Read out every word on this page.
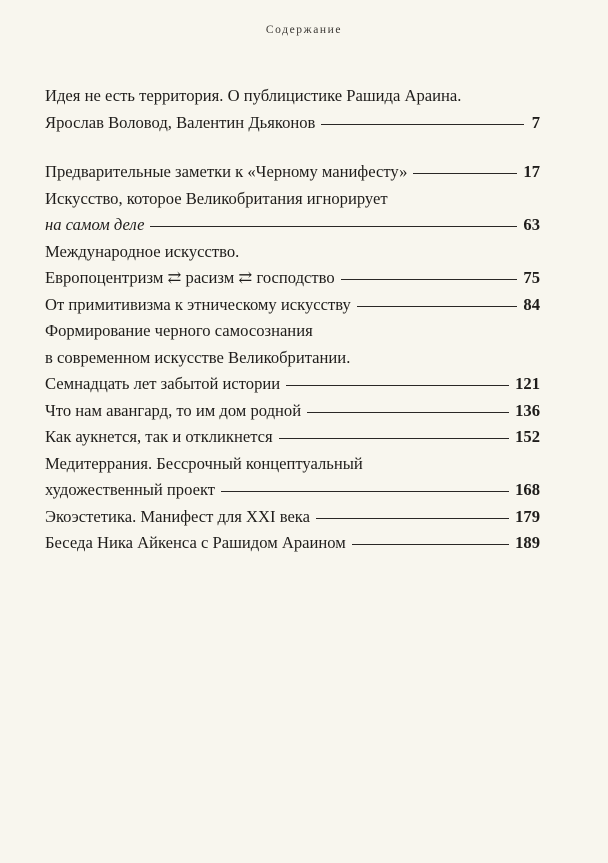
Содержание
Идея не есть территория. О публицистике Рашида Араина.
Ярослав Воловод, Валентин Дьяконов	7
Предварительные заметки к «Черному манифесту»	17
Искусство, которое Великобритания игнорирует
на самом деле	63
Международное искусство.
Европоцентризм ⇄ расизм ⇄ господство	75
От примитивизма к этническому искусству	84
Формирование черного самосознания
в современном искусстве Великобритании.
Семнадцать лет забытой истории	121
Что нам авангард, то им дом родной	136
Как аукнется, так и откликнется	152
Медитеррания. Бессрочный концептуальный
художественный проект	168
Экоэстетика. Манифест для XXI века	179
Беседа Ника Айкенса с Рашидом Араином	189
